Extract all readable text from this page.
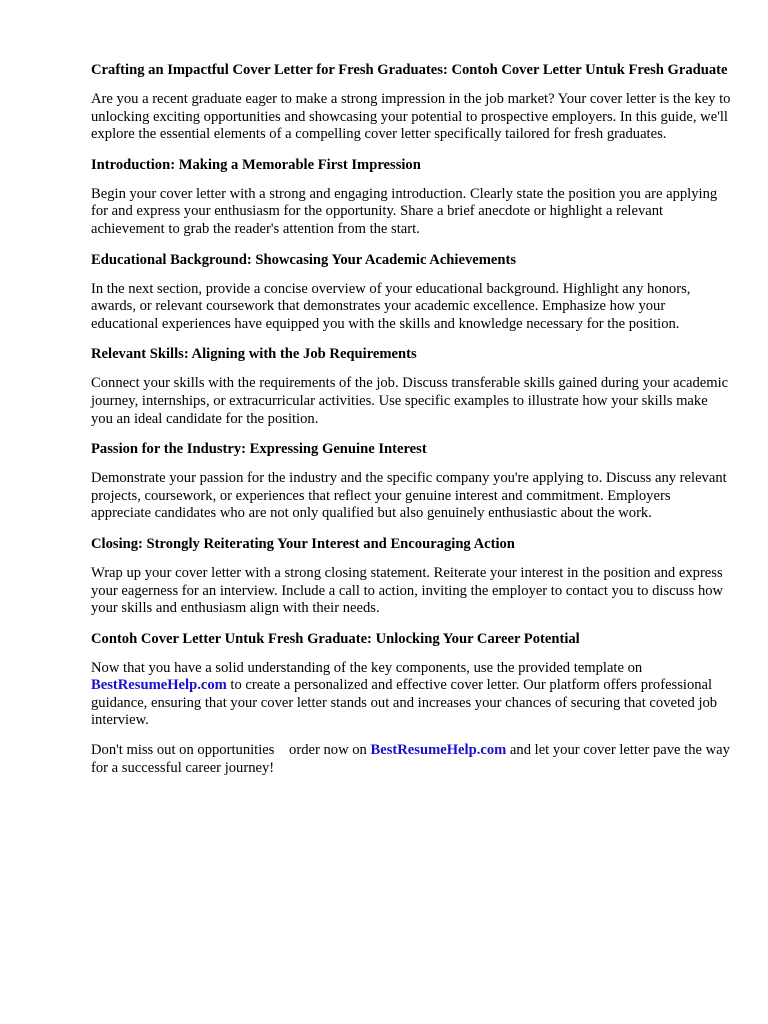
Crafting an Impactful Cover Letter for Fresh Graduates: Contoh Cover Letter Untuk Fresh Graduate
Are you a recent graduate eager to make a strong impression in the job market? Your cover letter is the key to unlocking exciting opportunities and showcasing your potential to prospective employers. In this guide, we'll explore the essential elements of a compelling cover letter specifically tailored for fresh graduates.
Introduction: Making a Memorable First Impression
Begin your cover letter with a strong and engaging introduction. Clearly state the position you are applying for and express your enthusiasm for the opportunity. Share a brief anecdote or highlight a relevant achievement to grab the reader's attention from the start.
Educational Background: Showcasing Your Academic Achievements
In the next section, provide a concise overview of your educational background. Highlight any honors, awards, or relevant coursework that demonstrates your academic excellence. Emphasize how your educational experiences have equipped you with the skills and knowledge necessary for the position.
Relevant Skills: Aligning with the Job Requirements
Connect your skills with the requirements of the job. Discuss transferable skills gained during your academic journey, internships, or extracurricular activities. Use specific examples to illustrate how your skills make you an ideal candidate for the position.
Passion for the Industry: Expressing Genuine Interest
Demonstrate your passion for the industry and the specific company you're applying to. Discuss any relevant projects, coursework, or experiences that reflect your genuine interest and commitment. Employers appreciate candidates who are not only qualified but also genuinely enthusiastic about the work.
Closing: Strongly Reiterating Your Interest and Encouraging Action
Wrap up your cover letter with a strong closing statement. Reiterate your interest in the position and express your eagerness for an interview. Include a call to action, inviting the employer to contact you to discuss how your skills and enthusiasm align with their needs.
Contoh Cover Letter Untuk Fresh Graduate: Unlocking Your Career Potential
Now that you have a solid understanding of the key components, use the provided template on BestResumeHelp.com to create a personalized and effective cover letter. Our platform offers professional guidance, ensuring that your cover letter stands out and increases your chances of securing that coveted job interview.
Don't miss out on opportunities order now on BestResumeHelp.com and let your cover letter pave the way for a successful career journey!
